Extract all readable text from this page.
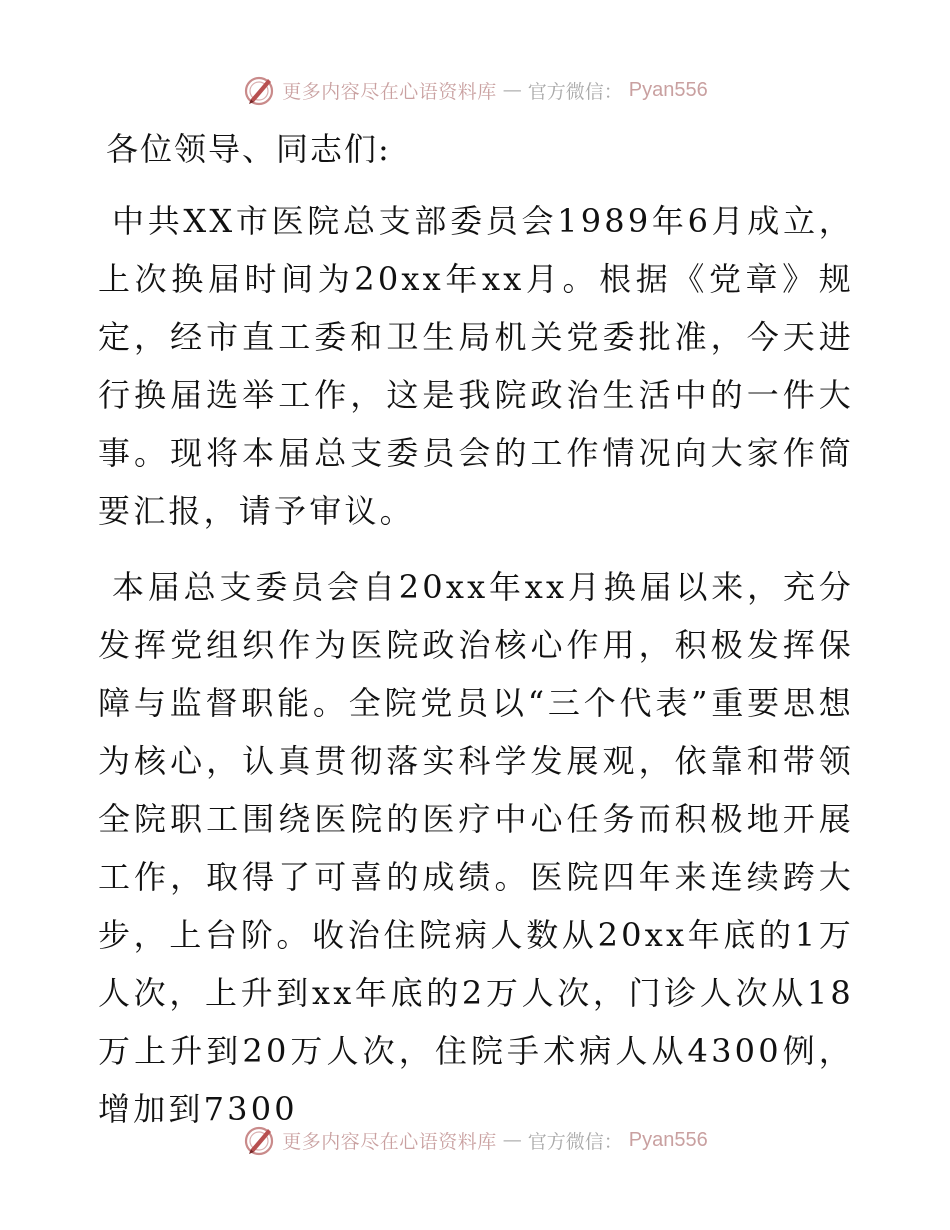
更多内容尽在心语资料库 — 官方微信： Pyan556

各位领导、同志们:

中共XX市医院总支部委员会1989年6月成立，上次换届时间为20xx年xx月。根据《党章》规定，经市直工委和卫生局机关党委批准，今天进行换届选举工作，这是我院政治生活中的一件大事。现将本届总支委员会的工作情况向大家作简要汇报，请予审议。

本届总支委员会自20xx年xx月换届以来，充分发挥党组织作为医院政治核心作用，积极发挥保障与监督职能。全院党员以“三个代表”重要思想为核心，认真贯彻落实科学发展观，依靠和带领全院职工围绕医院的医疗中心任务而积极地开展工作，取得了可喜的成绩。医院四年来连续跨大步，上台阶。收治住院病人数从20xx年底的1万人次，上升到xx年底的2万人次，门诊人次从18万上升到20万人次，住院手术病人从4300例，增加到7300

更多内容尽在心语资料库 — 官方微信： Pyan556
